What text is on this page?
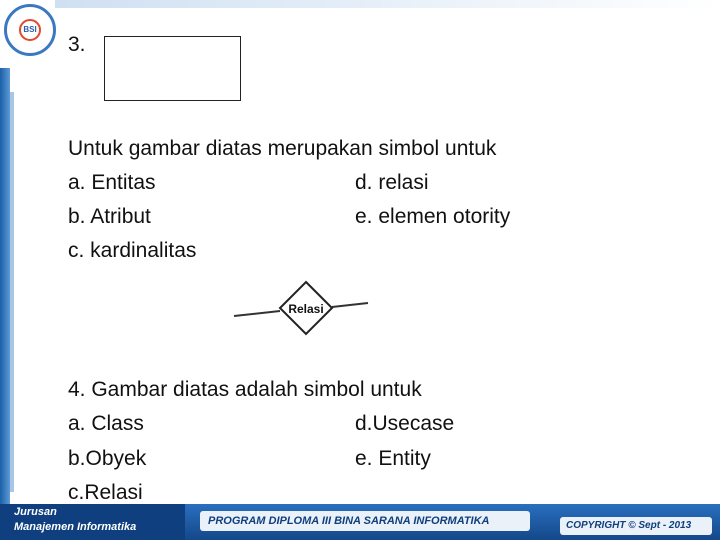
BSI
3.
Untuk gambar diatas merupakan simbol untuk
a. Entitas
b. Atribut
c. kardinalitas
d. relasi
e. elemen otority
Relasi
4. Gambar diatas adalah simbol untuk
a. Class
b.Obyek
c.Relasi
d.Usecase
e. Entity
Jurusan
Manajemen Informatika	PROGRAM DIPLOMA III BINA SARANA INFORMATIKA	COPYRIGHT © Sept - 2013
